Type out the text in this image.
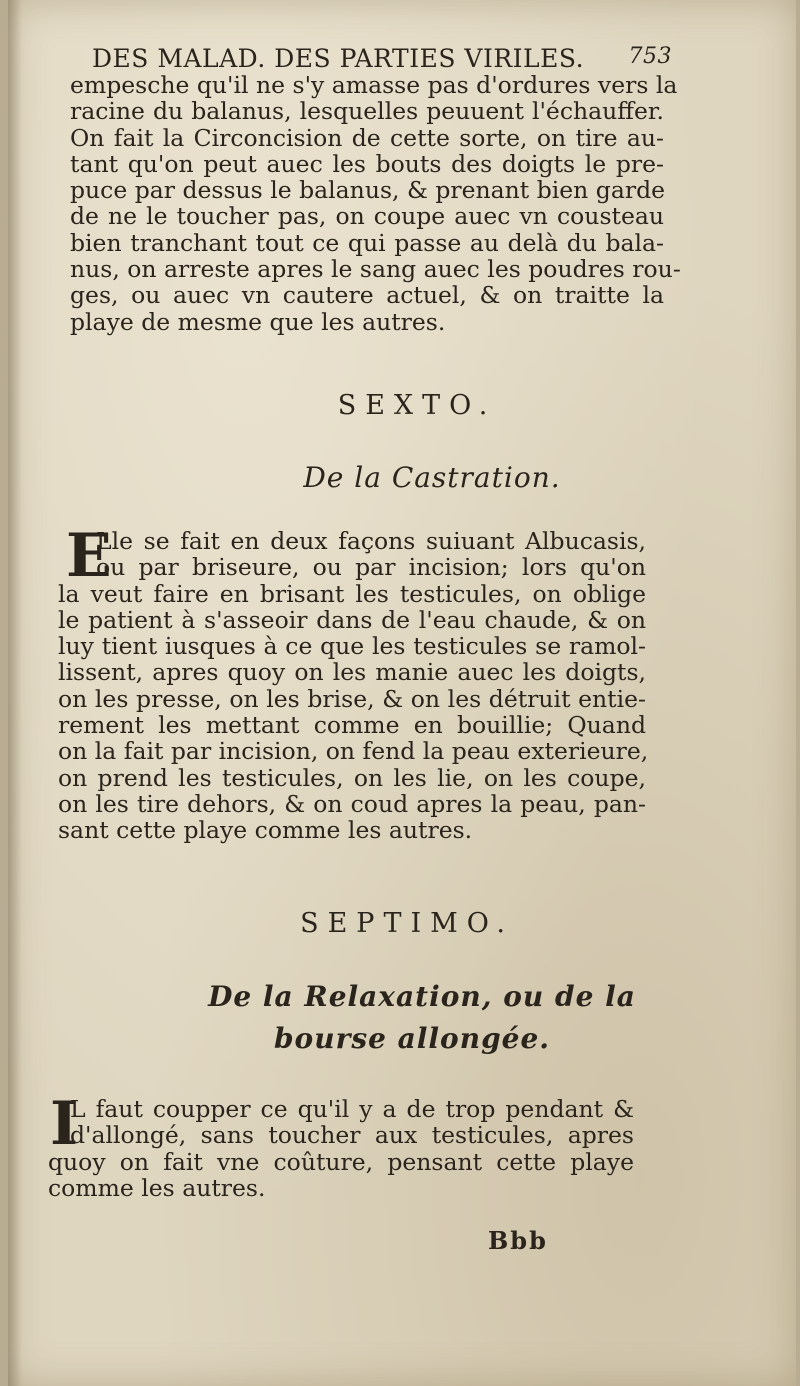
DES MALAD. DES PARTIES VIRILES. 753
empesche qu'il ne s'y amasse pas d'ordures vers la
racine du balanus, lesquelles peuuent l'échauffer.
On fait la Circoncision de cette sorte, on tire au-
tant qu'on peut auec les bouts des doigts le pre-
puce par dessus le balanus, & prenant bien garde
de ne le toucher pas, on coupe auec vn cousteau
bien tranchant tout ce qui passe au delà du bala-
nus, on arreste apres le sang auec les poudres rou-
ges, ou auec vn cautere actuel, & on traitte la
playe de mesme que les autres.
SEXTO.
De la Castration.
E
Lle se fait en deux façons suiuant Albucasis,
ou par briseure, ou par incision; lors qu'on
la veut faire en brisant les testicules, on oblige
le patient à s'asseoir dans de l'eau chaude, & on
luy tient iusques à ce que les testicules se ramol-
lissent, apres quoy on les manie auec les doigts,
on les presse, on les brise, & on les détruit entie-
rement les mettant comme en bouillie; Quand
on la fait par incision, on fend la peau exterieure,
on prend les testicules, on les lie, on les coupe,
on les tire dehors, & on coud apres la peau, pan-
sant cette playe comme les autres.
SEPTIMO.
De la Relaxation, ou de la
bourse allongée.
I
L faut coupper ce qu'il y a de trop pendant &
d'allongé, sans toucher aux testicules, apres
quoy on fait vne coûture, pensant cette playe
comme les autres.
Bbb
